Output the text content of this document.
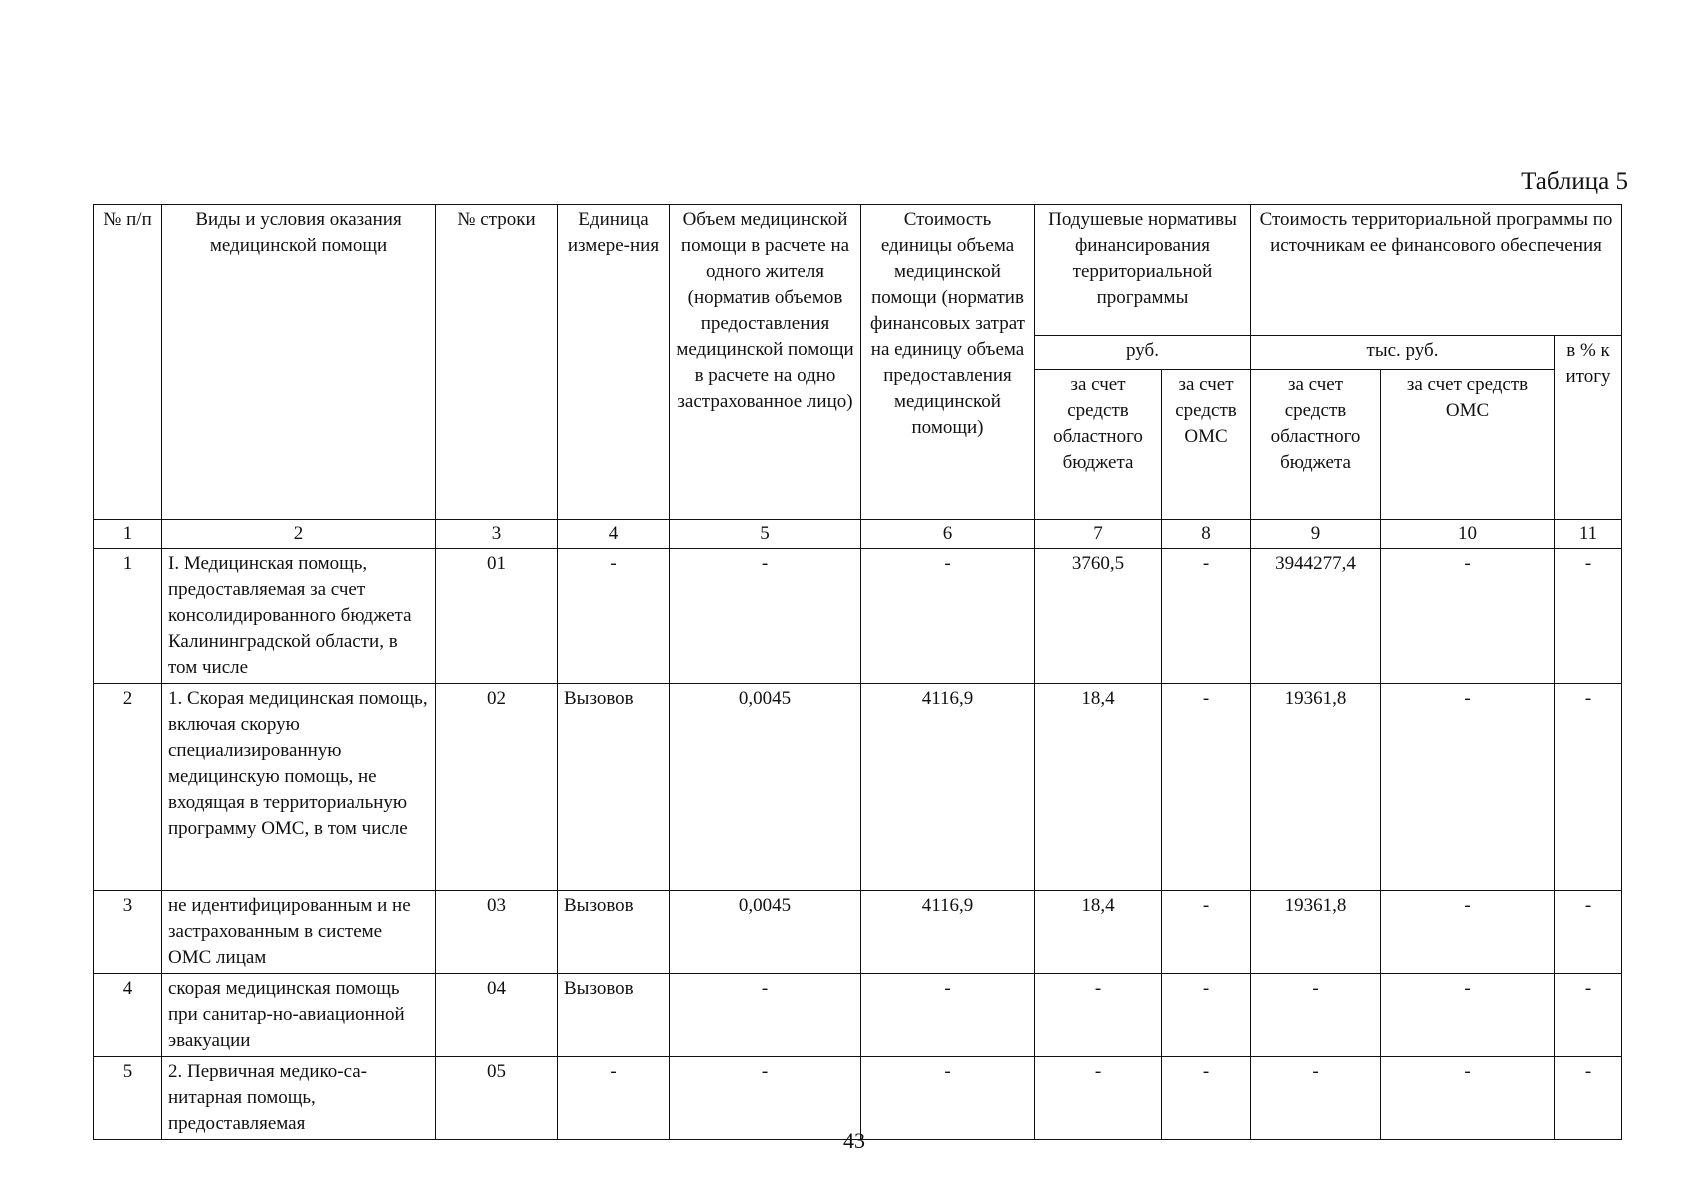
Таблица 5
№ п/п	Виды и условия оказания медицинской помощи	№ строки	Единица измере-ния	Объем медицинской помощи в расчете на одного жителя (норматив объемов предоставления медицинской помощи в расчете на одно застрахованное лицо)	Стоимость единицы объема медицинской помощи (норматив финансовых затрат на единицу объема предоставления медицинской помощи)	Подушевые нормативы финансирования территориальной программы		Стоимость территориальной программы по источникам ее финансового обеспечения		
						руб.		тыс. руб.		в % к итогу
						за счет средств областного бюджета	за счет средств ОМС	за счет средств областного бюджета	за счет средств ОМС	
1	2	3	4	5	6	7	8	9	10	11
1	I. Медицинская помощь, предоставляемая за счет консолидированного бюджета Калининградской области, в том числе	01	-	-	-	3760,5	-	3944277,4	-	-
2	1. Скорая медицинская помощь, включая скорую специализированную медицинскую помощь, не входящая в территориальную программу ОМС, в том числе	02	Вызовов	0,0045	4116,9	18,4	-	19361,8	-	-
3	не идентифицированным и не застрахованным в системе ОМС лицам	03	Вызовов	0,0045	4116,9	18,4	-	19361,8	-	-
4	скорая медицинская помощь при санитар-но-авиационной эвакуации	04	Вызовов	-	-	-	-	-	-	-
5	2. Первичная медико-са-нитарная помощь, предоставляемая	05	-	-	-	-	-	-	-	-
43
